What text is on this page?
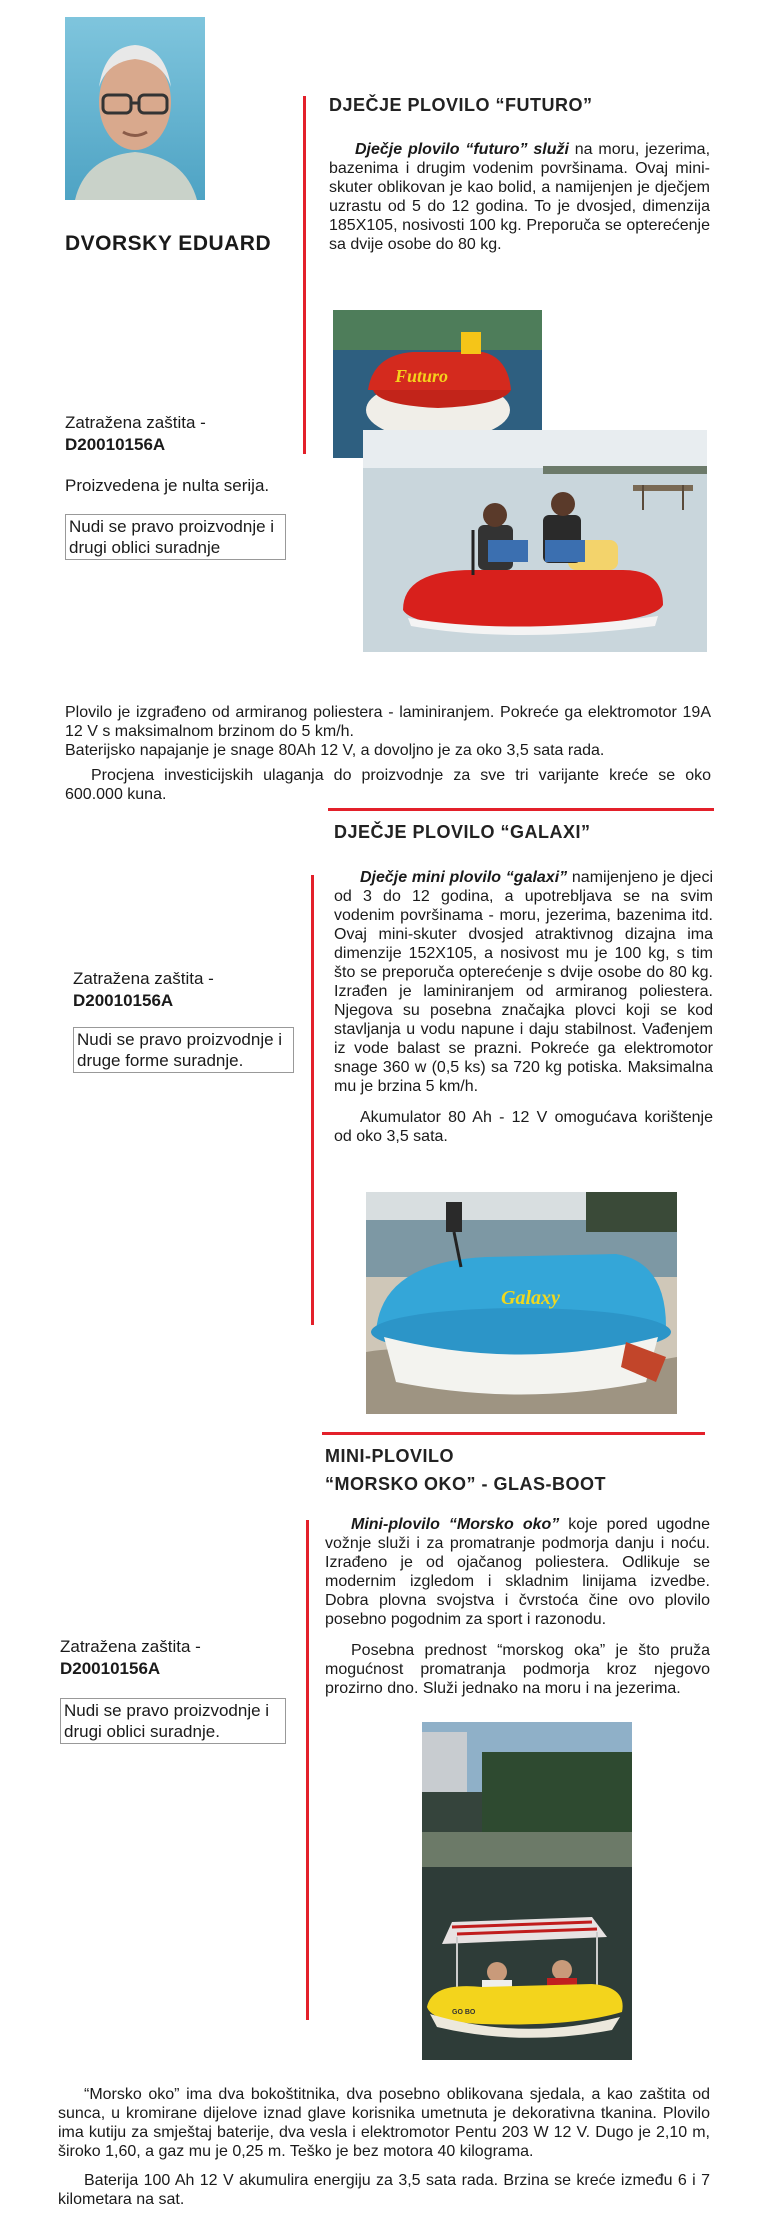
DVORSKY EDUARD
DJEČJE PLOVILO “FUTURO”

Dječje plovilo “futuro” služi na moru, jezerima, bazenima i drugim vodenim površinama. Ovaj mini-skuter oblikovan je kao bolid, a namijenjen je dječjem uzrastu od 5 do 12 godina. To je dvosjed, dimenzija 185X105, nosivosti 100 kg. Preporuča se opterećenje sa dvije osobe do 80 kg.

Futuro
Zatražena zaštita -
D20010156A
Proizvedena je nulta serija.
Nudi se pravo proizvodnje i drugi oblici suradnje

Plovilo je izgrađeno od armiranog poliestera - laminiranjem. Pokreće ga elektromotor 19A 12 V s maksimalnom brzinom do 5 km/h.

Baterijsko napajanje je snage 80Ah 12 V, a dovoljno je za oko 3,5 sata rada.

Procjena investicijskih ulaganja do proizvodnje za sve tri varijante kreće se oko 600.000 kuna.

DJEČJE PLOVILO “GALAXI”

Dječje mini plovilo “galaxi” namijenjeno je djeci od 3 do 12 godina, a upotrebljava se na svim vodenim površinama - moru, jezerima, bazenima itd. Ovaj mini-skuter dvosjed atraktivnog dizajna ima dimenzije 152X105, a nosivost mu je 100 kg, s tim što se preporuča opterećenje s dvije osobe do 80 kg. Izrađen je laminiranjem od armiranog poliestera. Njegova su posebna značajka plovci koji se kod stavljanja u vodu napune i daju stabilnost. Vađenjem iz vode balast se prazni. Pokreće ga elektromotor snage 360 w (0,5 ks) sa 720 kg potiska. Maksimalna mu je brzina 5 km/h.

Akumulator 80 Ah - 12 V omogućava korištenje od oko 3,5 sata.

Zatražena zaštita -
D20010156A
Nudi se pravo proizvodnje i druge forme suradnje.
Galaxy
MINI-PLOVILO
“MORSKO OKO” - GLAS-BOOT

Mini-plovilo “Morsko oko” koje pored ugodne vožnje služi i za promatranje podmorja danju i noću. Izrađeno je od ojačanog poliestera. Odlikuje se modernim izgledom i skladnim linijama izvedbe. Dobra plovna svojstva i čvrstoća čine ovo plovilo posebno pogodnim za sport i razonodu.

Posebna prednost “morskog oka” je što pruža mogućnost promatranja podmorja kroz njegovo prozirno dno. Služi jednako na moru i na jezerima.

Zatražena zaštita -
D20010156A
Nudi se pravo proizvodnje i drugi oblici suradnje.
GO BO

“Morsko oko” ima dva bokoštitnika, dva posebno oblikovana sjedala, a kao zaštita od sunca, u kromirane dijelove iznad glave korisnika umetnuta je dekorativna tkanina. Plovilo ima kutiju za smještaj baterije, dva vesla i elektromotor Pentu 203 W 12 V. Dugo je 2,10 m, široko 1,60, a gaz mu je 0,25 m. Teško je bez motora 40 kilograma.

Baterija 100 Ah 12 V akumulira energiju za 3,5 sata rada. Brzina se kreće između 6 i 7 kilometara na sat.
